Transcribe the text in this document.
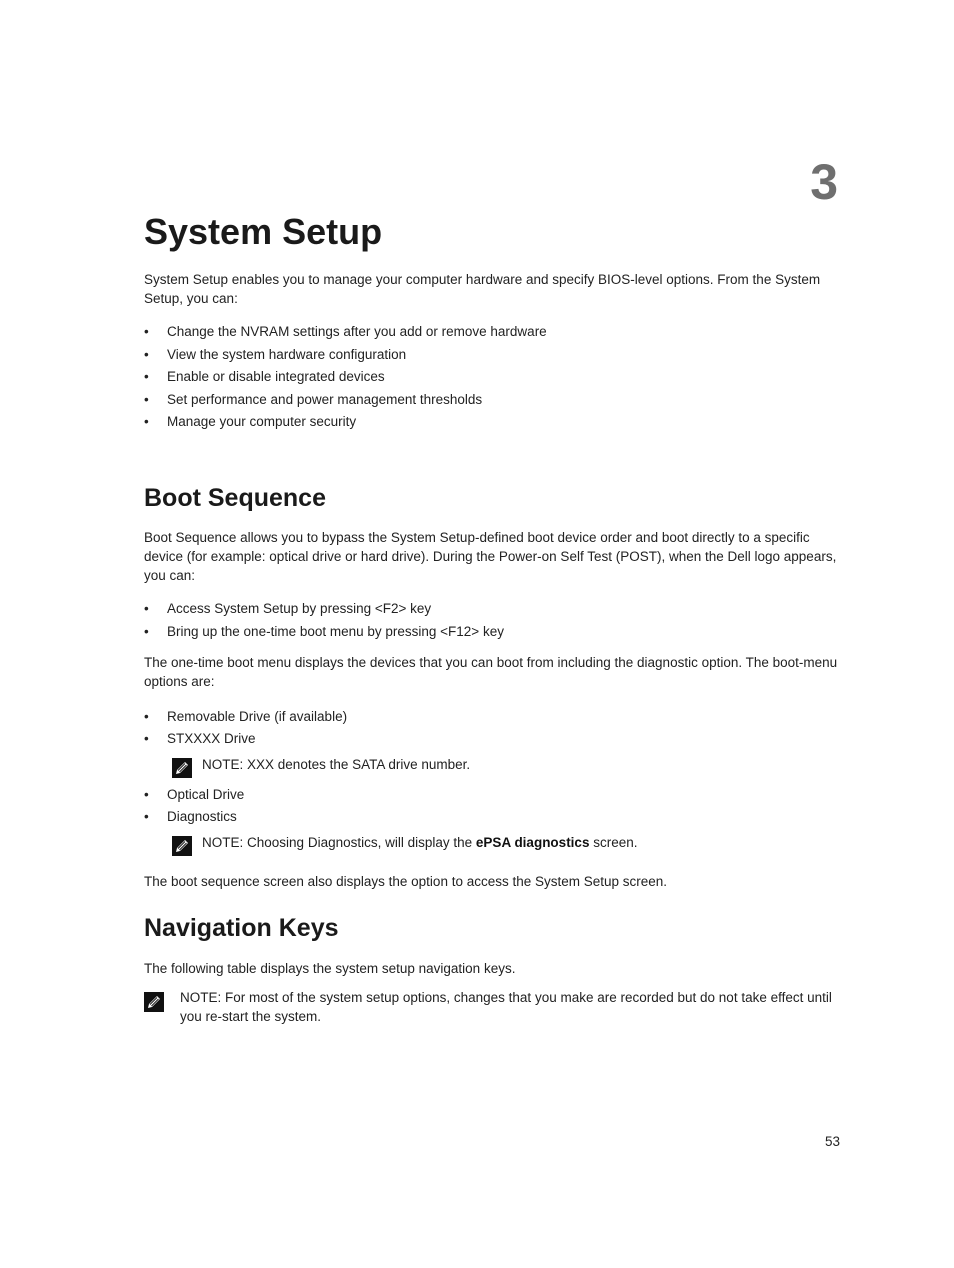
3
System Setup

System Setup enables you to manage your computer hardware and specify BIOS-level options. From the System Setup, you can:

•	Change the NVRAM settings after you add or remove hardware
•	View the system hardware configuration
•	Enable or disable integrated devices
•	Set performance and power management thresholds
•	Manage your computer security
Boot Sequence

Boot Sequence allows you to bypass the System Setup-defined boot device order and boot directly to a specific device (for example: optical drive or hard drive). During the Power-on Self Test (POST), when the Dell logo appears, you can:

•	Access System Setup by pressing <F2> key
•	Bring up the one-time boot menu by pressing <F12> key

The one-time boot menu displays the devices that you can boot from including the diagnostic option. The boot-menu options are:

•	Removable Drive (if available)
•	STXXXX Drive
NOTE: XXX denotes the SATA drive number.
•	Optical Drive
•	Diagnostics
NOTE: Choosing Diagnostics, will display the ePSA diagnostics screen.

The boot sequence screen also displays the option to access the System Setup screen.

Navigation Keys

The following table displays the system setup navigation keys.

NOTE: For most of the system setup options, changes that you make are recorded but do not take effect until you re-start the system.
53
